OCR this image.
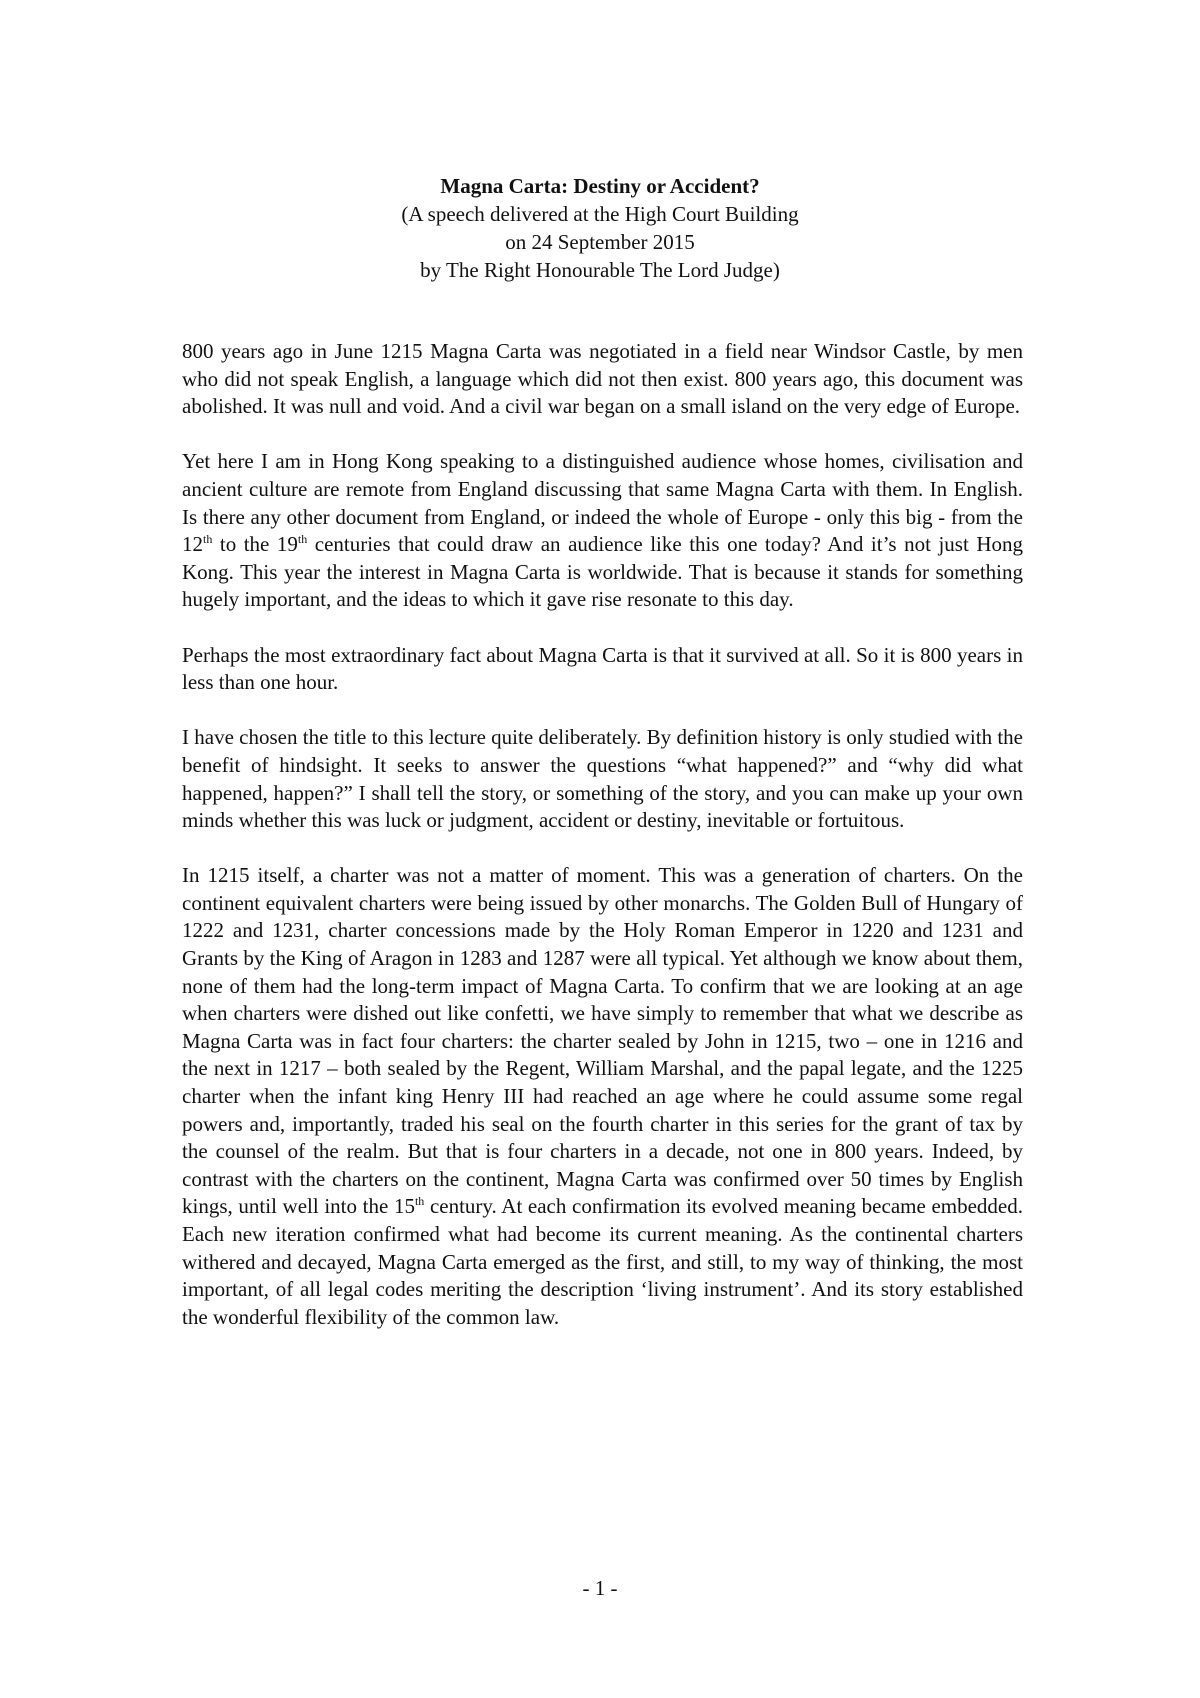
Magna Carta: Destiny or Accident?
(A speech delivered at the High Court Building
on 24 September 2015
by The Right Honourable The Lord Judge)

800 years ago in June 1215 Magna Carta was negotiated in a field near Windsor Castle, by men who did not speak English, a language which did not then exist. 800 years ago, this document was abolished. It was null and void. And a civil war began on a small island on the very edge of Europe.

Yet here I am in Hong Kong speaking to a distinguished audience whose homes, civilisation and ancient culture are remote from England discussing that same Magna Carta with them. In English. Is there any other document from England, or indeed the whole of Europe - only this big - from the 12th to the 19th centuries that could draw an audience like this one today? And it’s not just Hong Kong. This year the interest in Magna Carta is worldwide. That is because it stands for something hugely important, and the ideas to which it gave rise resonate to this day.

Perhaps the most extraordinary fact about Magna Carta is that it survived at all. So it is 800 years in less than one hour.

I have chosen the title to this lecture quite deliberately. By definition history is only studied with the benefit of hindsight. It seeks to answer the questions “what happened?” and “why did what happened, happen?” I shall tell the story, or something of the story, and you can make up your own minds whether this was luck or judgment, accident or destiny, inevitable or fortuitous.

In 1215 itself, a charter was not a matter of moment. This was a generation of charters. On the continent equivalent charters were being issued by other monarchs. The Golden Bull of Hungary of 1222 and 1231, charter concessions made by the Holy Roman Emperor in 1220 and 1231 and Grants by the King of Aragon in 1283 and 1287 were all typical. Yet although we know about them, none of them had the long-term impact of Magna Carta. To confirm that we are looking at an age when charters were dished out like confetti, we have simply to remember that what we describe as Magna Carta was in fact four charters: the charter sealed by John in 1215, two – one in 1216 and the next in 1217 – both sealed by the Regent, William Marshal, and the papal legate, and the 1225 charter when the infant king Henry III had reached an age where he could assume some regal powers and, importantly, traded his seal on the fourth charter in this series for the grant of tax by the counsel of the realm. But that is four charters in a decade, not one in 800 years. Indeed, by contrast with the charters on the continent, Magna Carta was confirmed over 50 times by English kings, until well into the 15th century. At each confirmation its evolved meaning became embedded. Each new iteration confirmed what had become its current meaning. As the continental charters withered and decayed, Magna Carta emerged as the first, and still, to my way of thinking, the most important, of all legal codes meriting the description ‘living instrument’. And its story established the wonderful flexibility of the common law.

- 1 -
